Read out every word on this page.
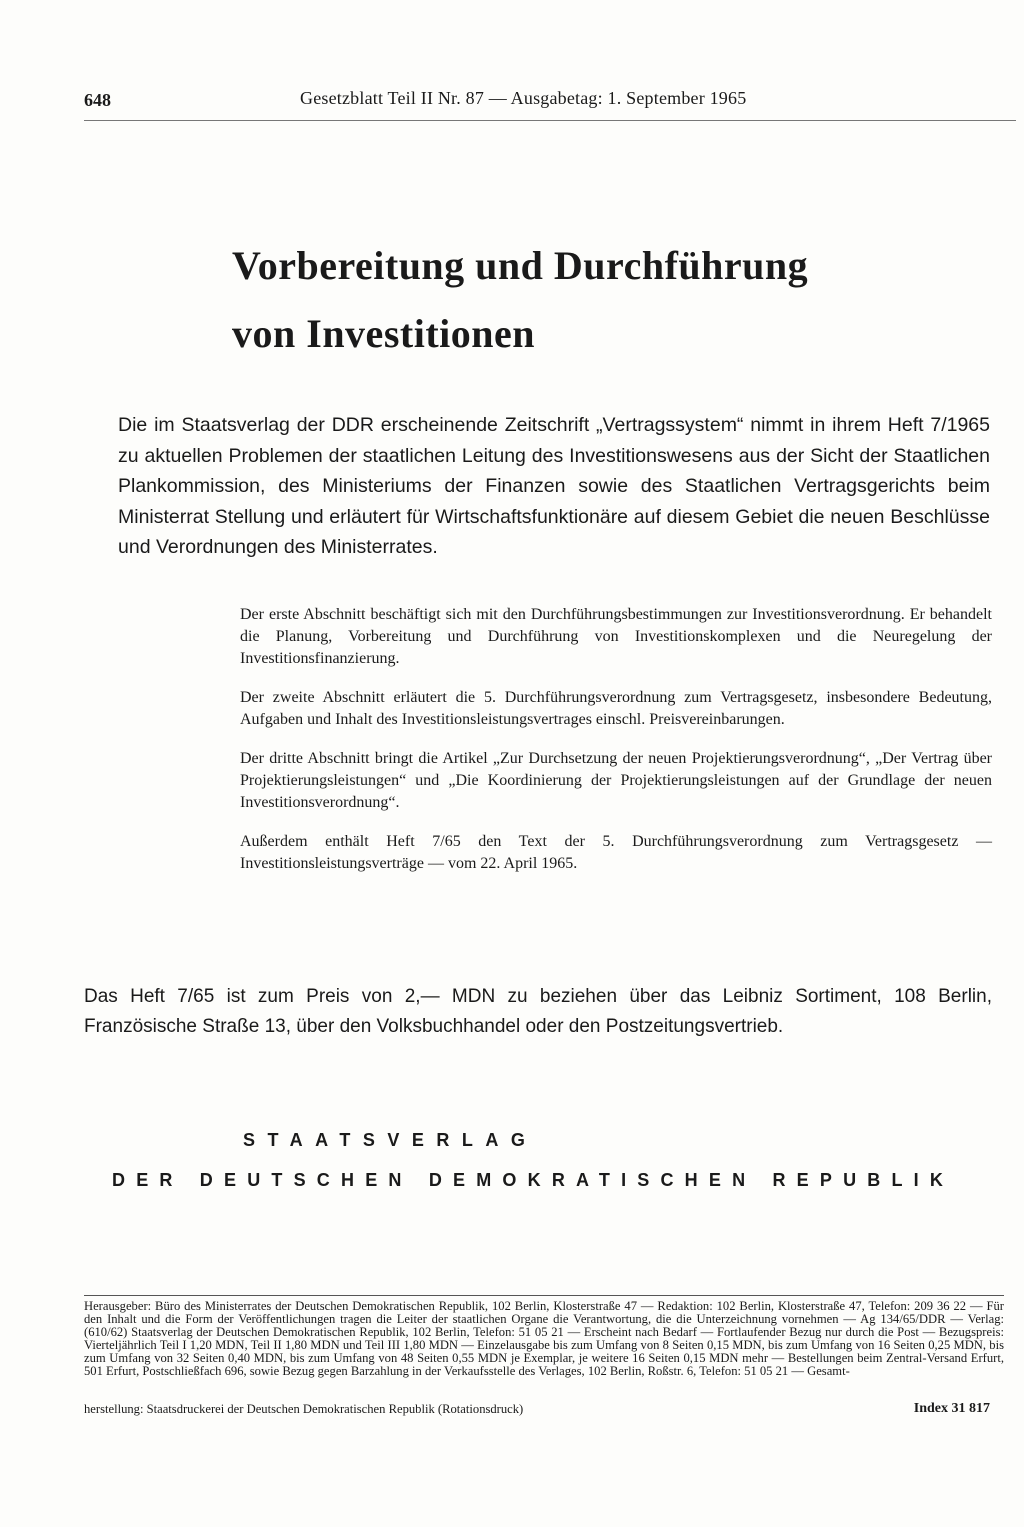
648	Gesetzblatt Teil II Nr. 87 — Ausgabetag: 1. September 1965
Vorbereitung und Durchführung
von Investitionen

Die im Staatsverlag der DDR erscheinende Zeitschrift „Vertragssystem“ nimmt in ihrem Heft 7/1965 zu aktuellen Problemen der staatlichen Leitung des Investitionswesens aus der Sicht der Staatlichen Plankommission, des Ministeriums der Finanzen sowie des Staatlichen Vertragsgerichts beim Ministerrat Stellung und erläutert für Wirtschaftsfunktionäre auf diesem Gebiet die neuen Beschlüsse und Verordnungen des Ministerrates.

Der erste Abschnitt beschäftigt sich mit den Durchführungsbestimmungen zur Investitionsverordnung. Er behandelt die Planung, Vorbereitung und Durchführung von Investitionskomplexen und die Neuregelung der Investitionsfinanzierung.

Der zweite Abschnitt erläutert die 5. Durchführungsverordnung zum Vertragsgesetz, insbesondere Bedeutung, Aufgaben und Inhalt des Investitionsleistungsvertrages einschl. Preisvereinbarungen.

Der dritte Abschnitt bringt die Artikel „Zur Durchsetzung der neuen Projektierungsverordnung“, „Der Vertrag über Projektierungsleistungen“ und „Die Koordinierung der Projektierungsleistungen auf der Grundlage der neuen Investitionsverordnung“.

Außerdem enthält Heft 7/65 den Text der 5. Durchführungsverordnung zum Vertragsgesetz — Investitionsleistungsverträge — vom 22. April 1965.

Das Heft 7/65 ist zum Preis von 2,— MDN zu beziehen über das Leibniz Sortiment, 108 Berlin, Französische Straße 13, über den Volksbuchhandel oder den Postzeitungsvertrieb.

STAATSVERLAG
DER DEUTSCHEN DEMOKRATISCHEN REPUBLIK

Herausgeber: Büro des Ministerrates der Deutschen Demokratischen Republik, 102 Berlin, Klosterstraße 47 — Redaktion: 102 Berlin, Klosterstraße 47, Telefon: 209 36 22 — Für den Inhalt und die Form der Veröffentlichungen tragen die Leiter der staatlichen Organe die Verantwortung, die die Unterzeichnung vornehmen — Ag 134/65/DDR — Verlag: (610/62) Staatsverlag der Deutschen Demokratischen Republik, 102 Berlin, Telefon: 51 05 21 — Erscheint nach Bedarf — Fortlaufender Bezug nur durch die Post — Bezugspreis: Vierteljährlich Teil I 1,20 MDN, Teil II 1,80 MDN und Teil III 1,80 MDN — Einzelausgabe bis zum Umfang von 8 Seiten 0,15 MDN, bis zum Umfang von 16 Seiten 0,25 MDN, bis zum Umfang von 32 Seiten 0,40 MDN, bis zum Umfang von 48 Seiten 0,55 MDN je Exemplar, je weitere 16 Seiten 0,15 MDN mehr — Bestellungen beim Zentral-Versand Erfurt, 501 Erfurt, Postschließfach 696, sowie Bezug gegen Barzahlung in der Verkaufsstelle des Verlages, 102 Berlin, Roßstr. 6, Telefon: 51 05 21 — Gesamt-

herstellung: Staatsdruckerei der Deutschen Demokratischen Republik (Rotationsdruck)	Index 31 817
